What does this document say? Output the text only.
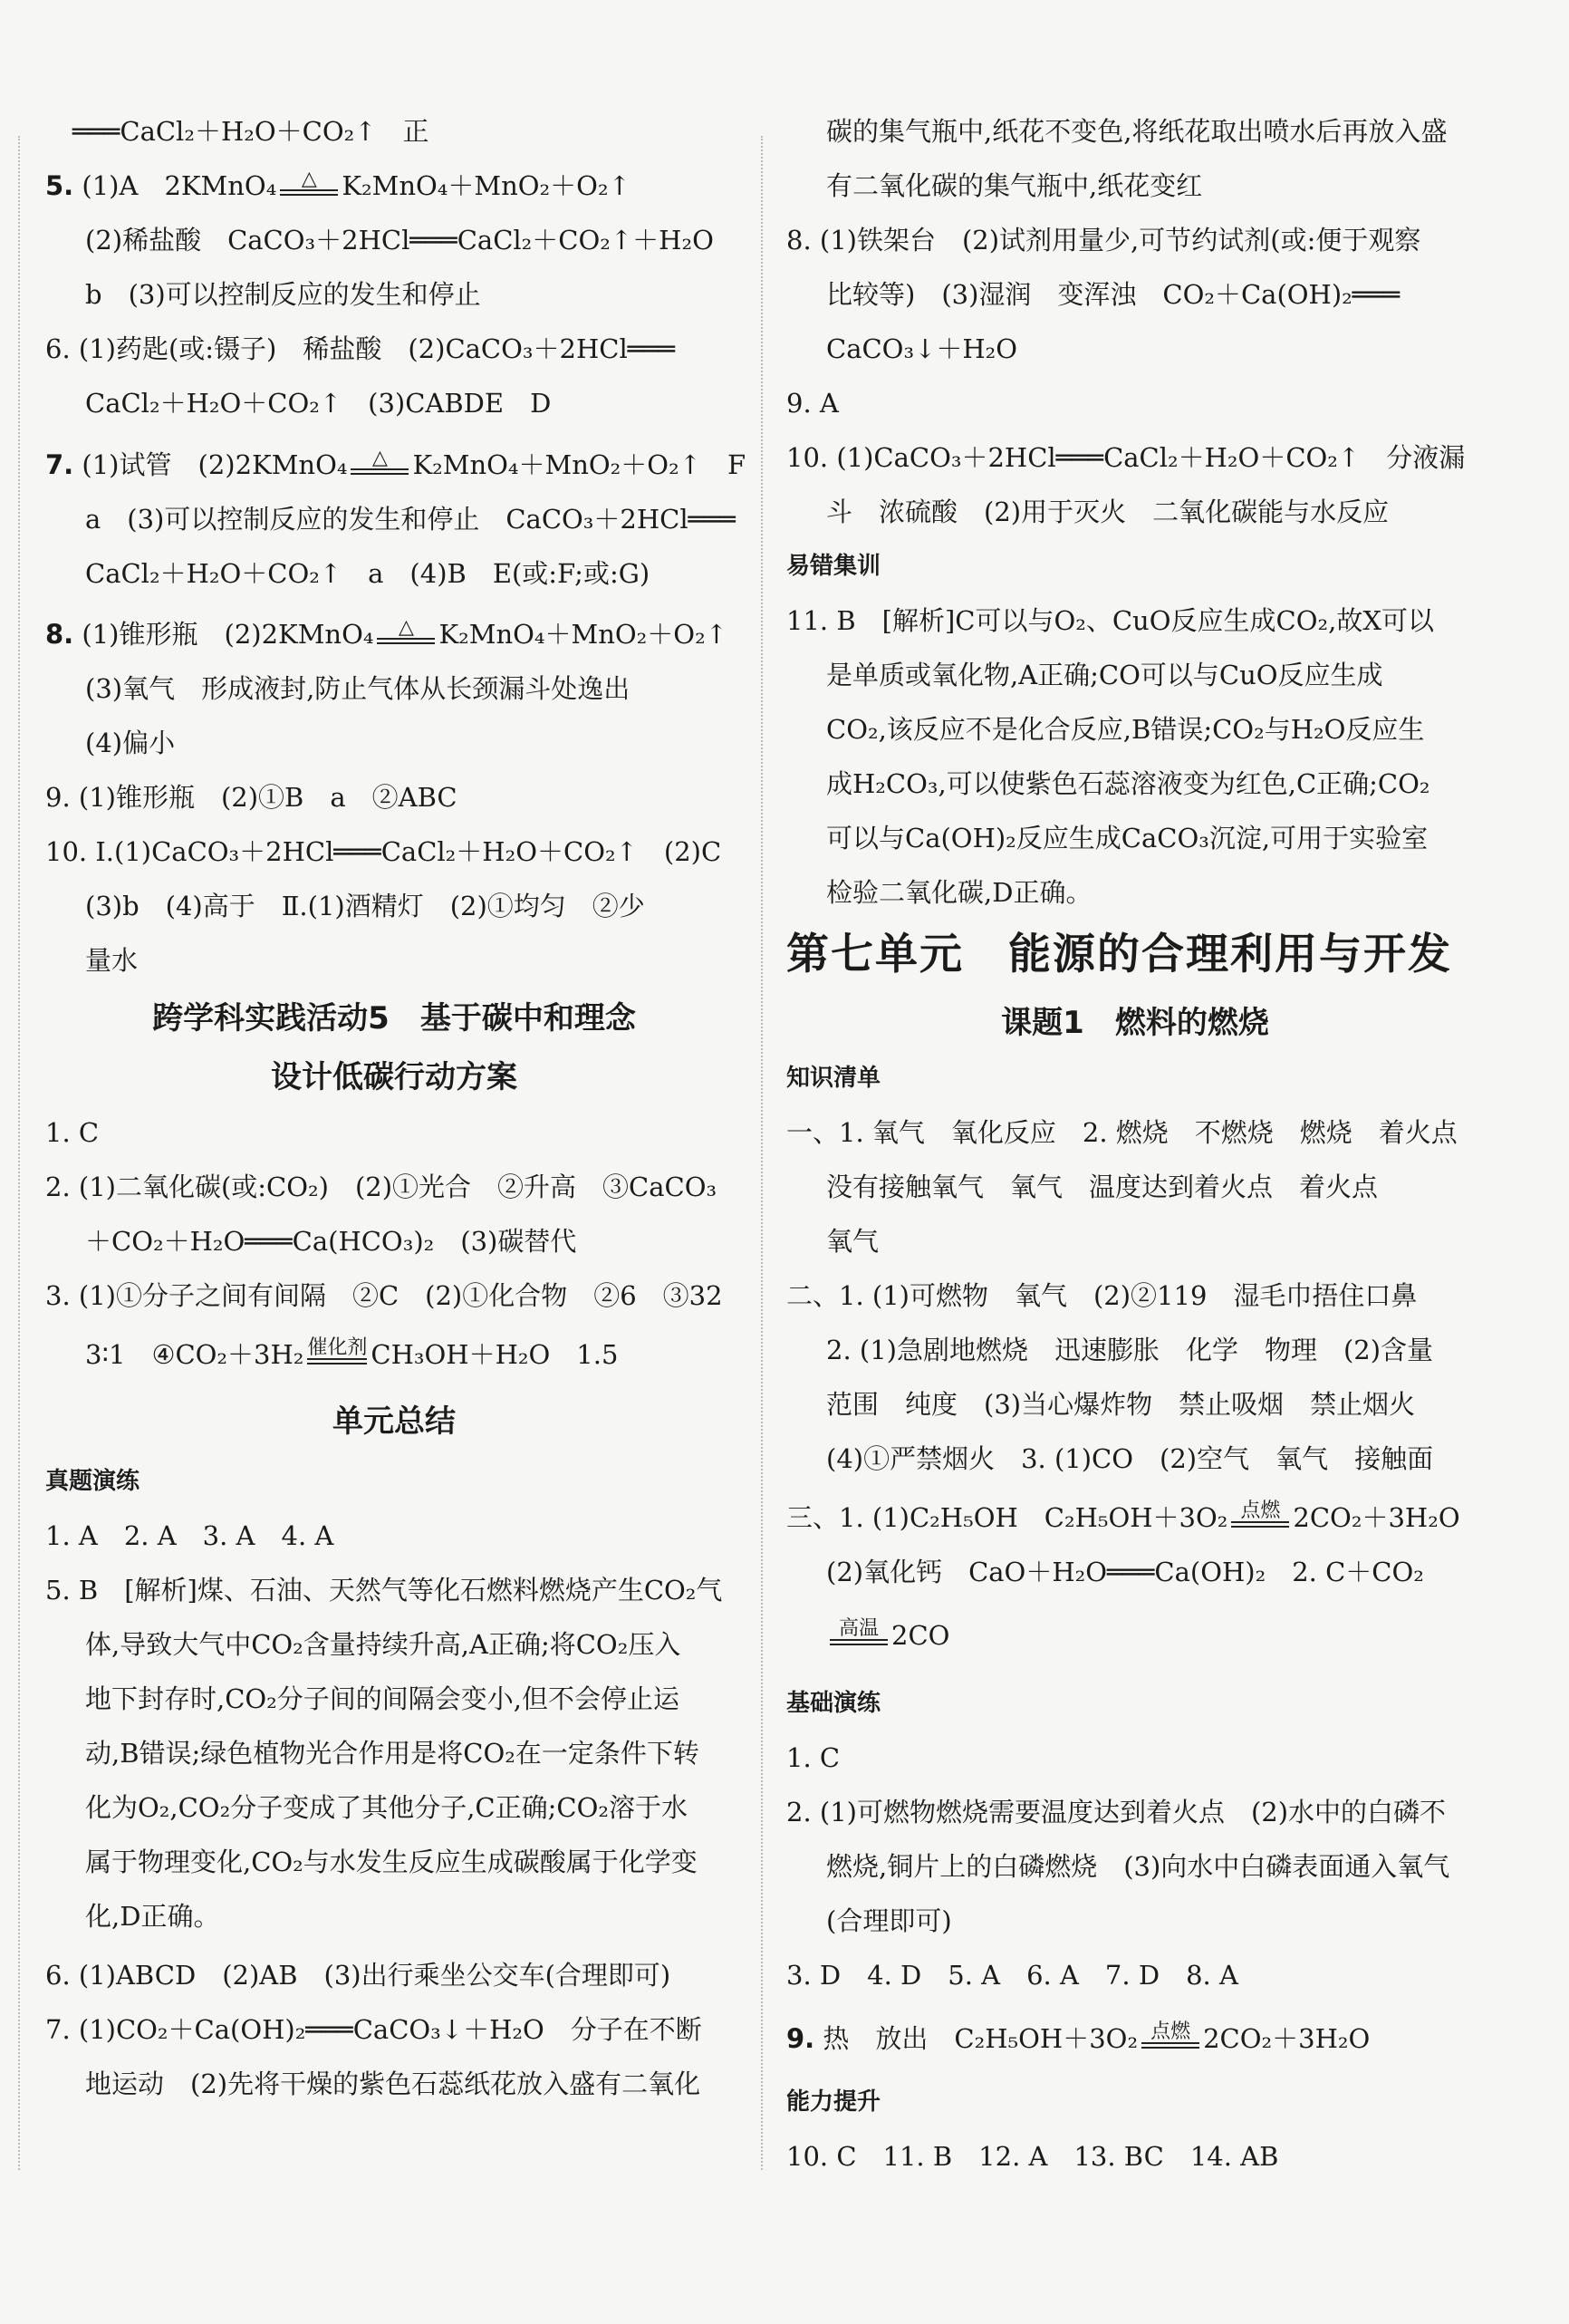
═══CaCl₂＋H₂O＋CO₂↑　正
5. (1)A　2KMnO₄ △ K₂MnO₄＋MnO₂＋O₂↑
(2)稀盐酸　CaCO₃＋2HCl═══CaCl₂＋CO₂↑＋H₂O
b　(3)可以控制反应的发生和停止
6. (1)药匙(或:镊子)　稀盐酸　(2)CaCO₃＋2HCl═══
CaCl₂＋H₂O＋CO₂↑　(3)CABDE　D
7. (1)试管　(2)2KMnO₄ △ K₂MnO₄＋MnO₂＋O₂↑　F
a　(3)可以控制反应的发生和停止　CaCO₃＋2HCl═══
CaCl₂＋H₂O＋CO₂↑　a　(4)B　E(或:F;或:G)
8. (1)锥形瓶　(2)2KMnO₄ △ K₂MnO₄＋MnO₂＋O₂↑
(3)氧气　形成液封,防止气体从长颈漏斗处逸出
(4)偏小
9. (1)锥形瓶　(2)①B　a　②ABC
10. Ⅰ.(1)CaCO₃＋2HCl═══CaCl₂＋H₂O＋CO₂↑　(2)C
(3)b　(4)高于　Ⅱ.(1)酒精灯　(2)①均匀　②少
量水
跨学科实践活动5　基于碳中和理念
设计低碳行动方案
1. C
2. (1)二氧化碳(或:CO₂)　(2)①光合　②升高　③CaCO₃
＋CO₂＋H₂O═══Ca(HCO₃)₂　(3)碳替代
3. (1)①分子之间有间隔　②C　(2)①化合物　②6　③32
3∶1　④CO₂＋3H₂ 催化剂 CH₃OH＋H₂O　1.5
单元总结
真题演练
1. A　2. A　3. A　4. A
5. B　[解析]煤、石油、天然气等化石燃料燃烧产生CO₂气
体,导致大气中CO₂含量持续升高,A正确;将CO₂压入
地下封存时,CO₂分子间的间隔会变小,但不会停止运
动,B错误;绿色植物光合作用是将CO₂在一定条件下转
化为O₂,CO₂分子变成了其他分子,C正确;CO₂溶于水
属于物理变化,CO₂与水发生反应生成碳酸属于化学变
化,D正确。
6. (1)ABCD　(2)AB　(3)出行乘坐公交车(合理即可)
7. (1)CO₂＋Ca(OH)₂═══CaCO₃↓＋H₂O　分子在不断
地运动　(2)先将干燥的紫色石蕊纸花放入盛有二氧化
碳的集气瓶中,纸花不变色,将纸花取出喷水后再放入盛
有二氧化碳的集气瓶中,纸花变红
8. (1)铁架台　(2)试剂用量少,可节约试剂(或:便于观察
比较等)　(3)湿润　变浑浊　CO₂＋Ca(OH)₂═══
CaCO₃↓＋H₂O
9. A
10. (1)CaCO₃＋2HCl═══CaCl₂＋H₂O＋CO₂↑　分液漏
斗　浓硫酸　(2)用于灭火　二氧化碳能与水反应
易错集训
11. B　[解析]C可以与O₂、CuO反应生成CO₂,故X可以
是单质或氧化物,A正确;CO可以与CuO反应生成
CO₂,该反应不是化合反应,B错误;CO₂与H₂O反应生
成H₂CO₃,可以使紫色石蕊溶液变为红色,C正确;CO₂
可以与Ca(OH)₂反应生成CaCO₃沉淀,可用于实验室
检验二氧化碳,D正确。
第七单元　能源的合理利用与开发
课题1　燃料的燃烧
知识清单
一、1. 氧气　氧化反应　2. 燃烧　不燃烧　燃烧　着火点
没有接触氧气　氧气　温度达到着火点　着火点
氧气
二、1. (1)可燃物　氧气　(2)②119　湿毛巾捂住口鼻
2. (1)急剧地燃烧　迅速膨胀　化学　物理　(2)含量
范围　纯度　(3)当心爆炸物　禁止吸烟　禁止烟火
(4)①严禁烟火　3. (1)CO　(2)空气　氧气　接触面
三、1. (1)C₂H₅OH　C₂H₅OH＋3O₂ 点燃 2CO₂＋3H₂O
(2)氧化钙　CaO＋H₂O═══Ca(OH)₂　2. C＋CO₂
高温 2CO
基础演练
1. C
2. (1)可燃物燃烧需要温度达到着火点　(2)水中的白磷不
燃烧,铜片上的白磷燃烧　(3)向水中白磷表面通入氧气
(合理即可)
3. D　4. D　5. A　6. A　7. D　8. A
9. 热　放出　C₂H₅OH＋3O₂ 点燃 2CO₂＋3H₂O
能力提升
10. C　11. B　12. A　13. BC　14. AB
